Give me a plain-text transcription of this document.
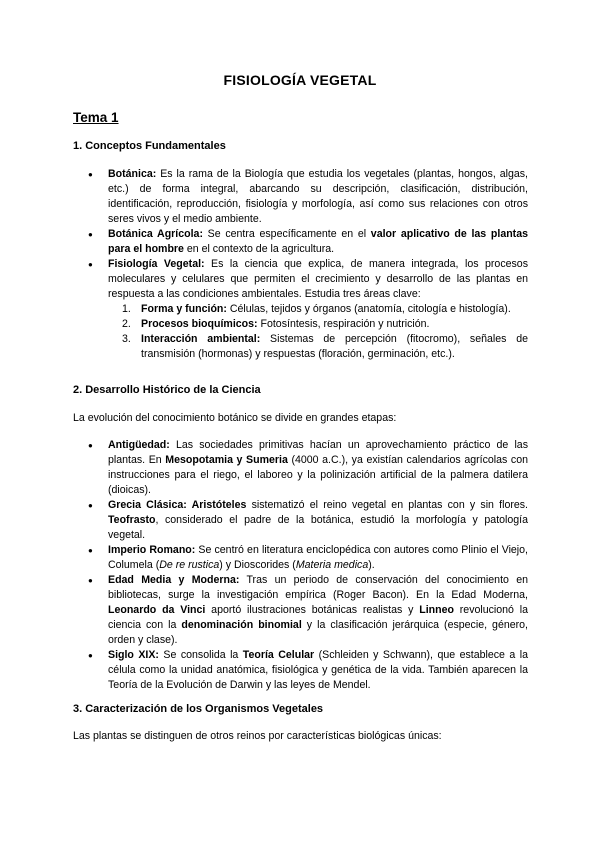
FISIOLOGÍA VEGETAL
Tema 1
1. Conceptos Fundamentales
● Botánica: Es la rama de la Biología que estudia los vegetales (plantas, hongos, algas, etc.) de forma integral, abarcando su descripción, clasificación, distribución, identificación, reproducción, fisiología y morfología, así como sus relaciones con otros seres vivos y el medio ambiente.
● Botánica Agrícola: Se centra específicamente en el valor aplicativo de las plantas para el hombre en el contexto de la agricultura.
● Fisiología Vegetal: Es la ciencia que explica, de manera integrada, los procesos moleculares y celulares que permiten el crecimiento y desarrollo de las plantas en respuesta a las condiciones ambientales. Estudia tres áreas clave:
1. Forma y función: Células, tejidos y órganos (anatomía, citología e histología).
2. Procesos bioquímicos: Fotosíntesis, respiración y nutrición.
3. Interacción ambiental: Sistemas de percepción (fitocromo), señales de transmisión (hormonas) y respuestas (floración, germinación, etc.).
2. Desarrollo Histórico de la Ciencia
La evolución del conocimiento botánico se divide en grandes etapas:
● Antigüedad: Las sociedades primitivas hacían un aprovechamiento práctico de las plantas. En Mesopotamia y Sumeria (4000 a.C.), ya existían calendarios agrícolas con instrucciones para el riego, el laboreo y la polinización artificial de la palmera datilera (dioicas).
● Grecia Clásica: Aristóteles sistematizó el reino vegetal en plantas con y sin flores. Teofrasto, considerado el padre de la botánica, estudió la morfología y patología vegetal.
● Imperio Romano: Se centró en literatura enciclopédica con autores como Plinio el Viejo, Columela (De re rustica) y Dioscorides (Materia medica).
● Edad Media y Moderna: Tras un periodo de conservación del conocimiento en bibliotecas, surge la investigación empírica (Roger Bacon). En la Edad Moderna, Leonardo da Vinci aportó ilustraciones botánicas realistas y Linneo revolucionó la ciencia con la denominación binomial y la clasificación jerárquica (especie, género, orden y clase).
● Siglo XIX: Se consolida la Teoría Celular (Schleiden y Schwann), que establece a la célula como la unidad anatómica, fisiológica y genética de la vida. También aparecen la Teoría de la Evolución de Darwin y las leyes de Mendel.
3. Caracterización de los Organismos Vegetales
Las plantas se distinguen de otros reinos por características biológicas únicas:
